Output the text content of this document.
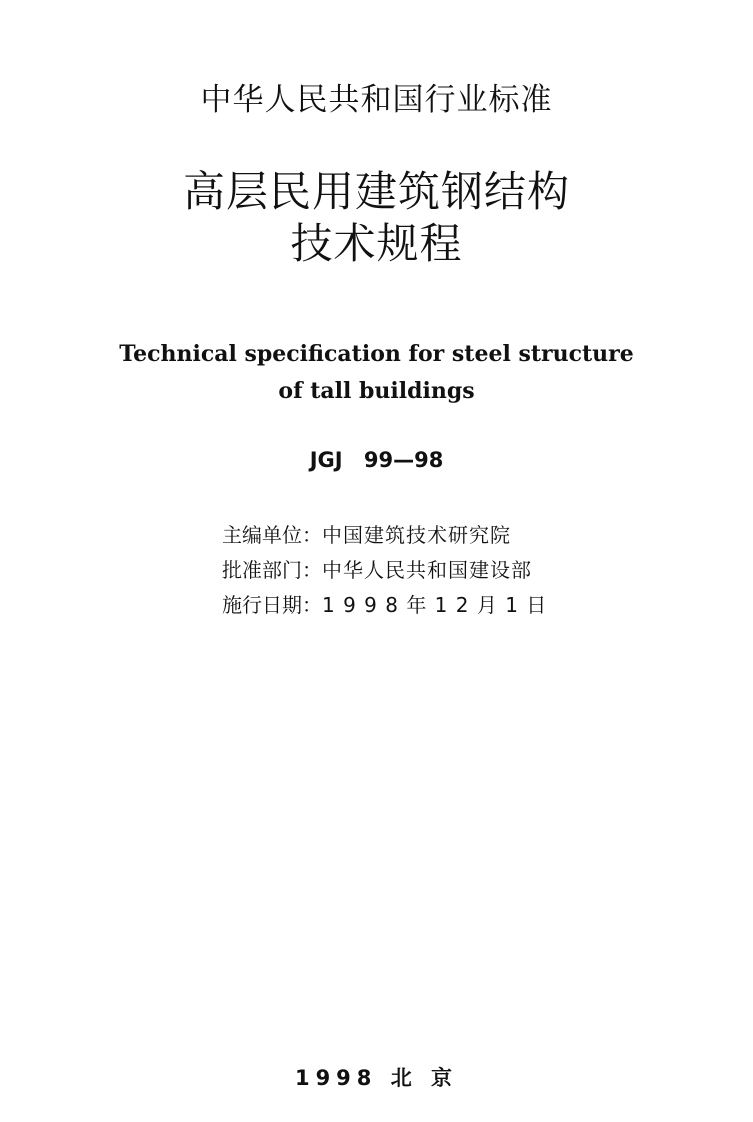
中华人民共和国行业标准
高层民用建筑钢结构
技术规程
Technical specification for steel structure
of tall buildings
JGJ 99—98
主编单位：中国建筑技术研究院
批准部门：中华人民共和国建设部
施行日期：1 9 9 8 年 1 2 月 1 日
1998 北 京
